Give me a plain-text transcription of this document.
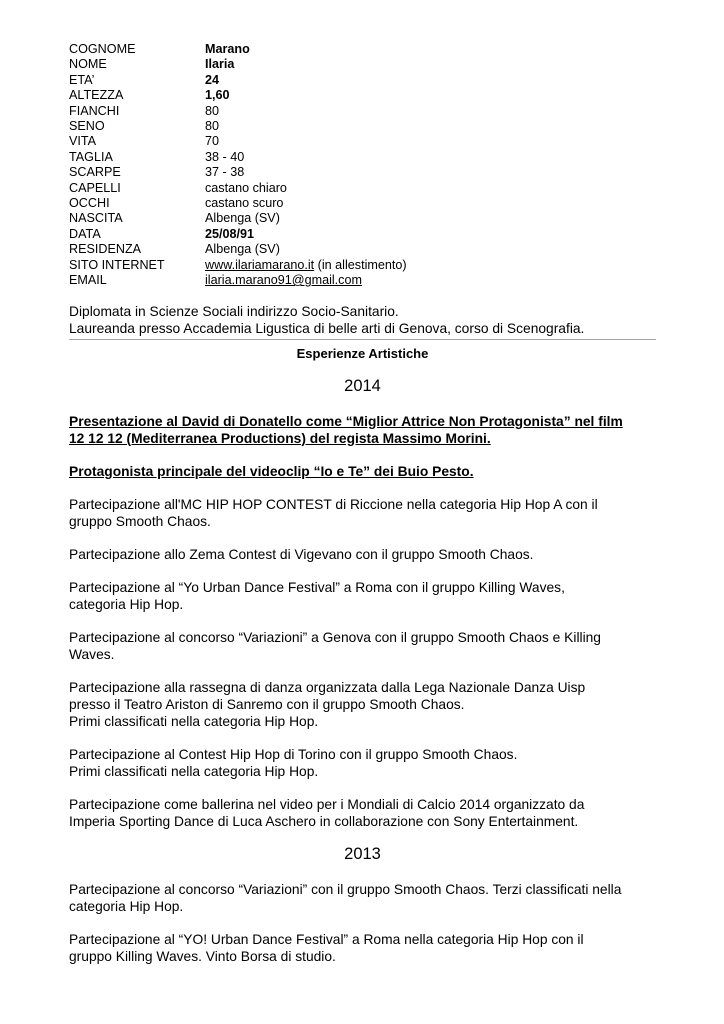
COGNOME	Marano
NOME	Ilaria
ETA’	24
ALTEZZA	1,60
FIANCHI	80
SENO	80
VITA	70
TAGLIA	38 - 40
SCARPE	37 - 38
CAPELLI	castano chiaro
OCCHI	castano scuro
NASCITA	Albenga (SV)
DATA	25/08/91
RESIDENZA	Albenga (SV)
SITO INTERNET	www.ilariamarano.it (in allestimento)
EMAIL	ilaria.marano91@gmail.com
Diplomata in Scienze Sociali indirizzo Socio-Sanitario.
Laureanda presso Accademia Ligustica di belle arti di Genova, corso di Scenografia.
Esperienze Artistiche
2014
Presentazione al David di Donatello come “Miglior Attrice Non Protagonista” nel film
12 12 12 (Mediterranea Productions) del regista Massimo Morini.
Protagonista principale del videoclip “Io e Te” dei Buio Pesto.
Partecipazione all'MC HIP HOP CONTEST di Riccione nella categoria Hip Hop A con il
gruppo Smooth Chaos.
Partecipazione allo Zema Contest di Vigevano con il gruppo Smooth Chaos.
Partecipazione al “Yo Urban Dance Festival” a Roma con il gruppo Killing Waves,
categoria Hip Hop.
Partecipazione al concorso “Variazioni” a Genova con il gruppo Smooth Chaos e Killing
Waves.
Partecipazione alla rassegna di danza organizzata dalla Lega Nazionale Danza Uisp
presso il Teatro Ariston di Sanremo con il gruppo Smooth Chaos.
Primi classificati nella categoria Hip Hop.
Partecipazione al Contest Hip Hop di Torino con il gruppo Smooth Chaos.
Primi classificati nella categoria Hip Hop.
Partecipazione come ballerina nel video per i Mondiali di Calcio 2014 organizzato da
Imperia Sporting Dance di Luca Aschero in collaborazione con Sony Entertainment.
2013
Partecipazione al concorso “Variazioni” con il gruppo Smooth Chaos. Terzi classificati nella
categoria Hip Hop.
Partecipazione al “YO! Urban Dance Festival” a Roma nella categoria Hip Hop con il
gruppo Killing Waves. Vinto Borsa di studio.
